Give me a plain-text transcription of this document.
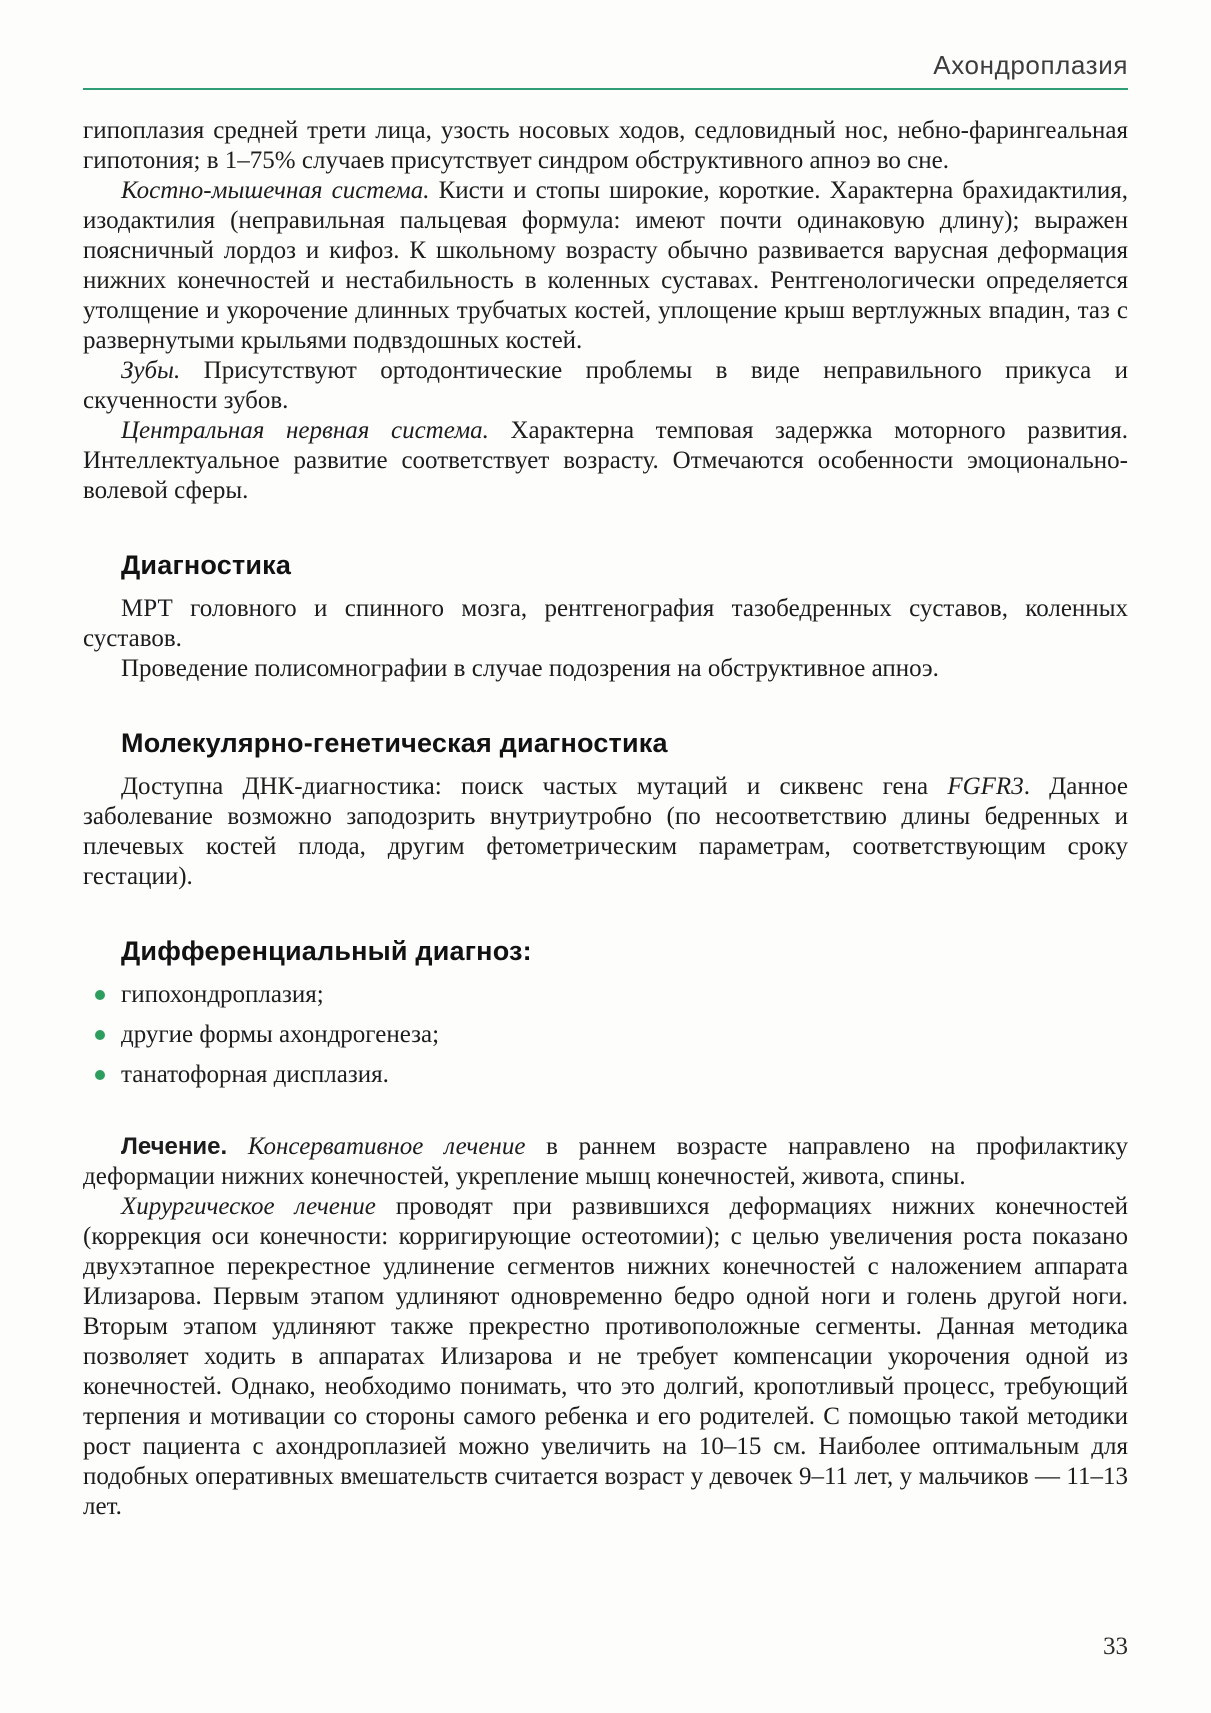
Ахондроплазия

гипоплазия средней трети лица, узость носовых ходов, седловидный нос, небно-фарингеальная гипотония; в 1–75% случаев присутствует синдром обструктивного апноэ во сне.

Костно-мышечная система. Кисти и стопы широкие, короткие. Характерна брахидактилия, изодактилия (неправильная пальцевая формула: имеют почти одинаковую длину); выражен поясничный лордоз и кифоз. К школьному возрасту обычно развивается варусная деформация нижних конечностей и нестабильность в коленных суставах. Рентгенологически определяется утолщение и укорочение длинных трубчатых костей, уплощение крыш вертлужных впадин, таз с развернутыми крыльями подвздошных костей.

Зубы. Присутствуют ортодонтические проблемы в виде неправильного прикуса и скученности зубов.

Центральная нервная система. Характерна темповая задержка моторного развития. Интеллектуальное развитие соответствует возрасту. Отмечаются особенности эмоционально-волевой сферы.

Диагностика

МРТ головного и спинного мозга, рентгенография тазобедренных суставов, коленных суставов.

Проведение полисомнографии в случае подозрения на обструктивное апноэ.

Молекулярно-генетическая диагностика

Доступна ДНК-диагностика: поиск частых мутаций и сиквенс гена FGFR3. Данное заболевание возможно заподозрить внутриутробно (по несоответствию длины бедренных и плечевых костей плода, другим фетометрическим параметрам, соответствующим сроку гестации).

Дифференциальный диагноз:
гипохондроплазия;
другие формы ахондрогенеза;
танатофорная дисплазия.

Лечение. Консервативное лечение в раннем возрасте направлено на профилактику деформации нижних конечностей, укрепление мышц конечностей, живота, спины.

Хирургическое лечение проводят при развившихся деформациях нижних конечностей (коррекция оси конечности: корригирующие остеотомии); с целью увеличения роста показано двухэтапное перекрестное удлинение сегментов нижних конечностей с наложением аппарата Илизарова. Первым этапом удлиняют одновременно бедро одной ноги и голень другой ноги. Вторым этапом удлиняют также прекрестно противоположные сегменты. Данная методика позволяет ходить в аппаратах Илизарова и не требует компенсации укорочения одной из конечностей. Однако, необходимо понимать, что это долгий, кропотливый процесс, требующий терпения и мотивации со стороны самого ребенка и его родителей. С помощью такой методики рост пациента с ахондроплазией можно увеличить на 10–15 см. Наиболее оптимальным для подобных оперативных вмешательств считается возраст у девочек 9–11 лет, у мальчиков — 11–13 лет.

33
